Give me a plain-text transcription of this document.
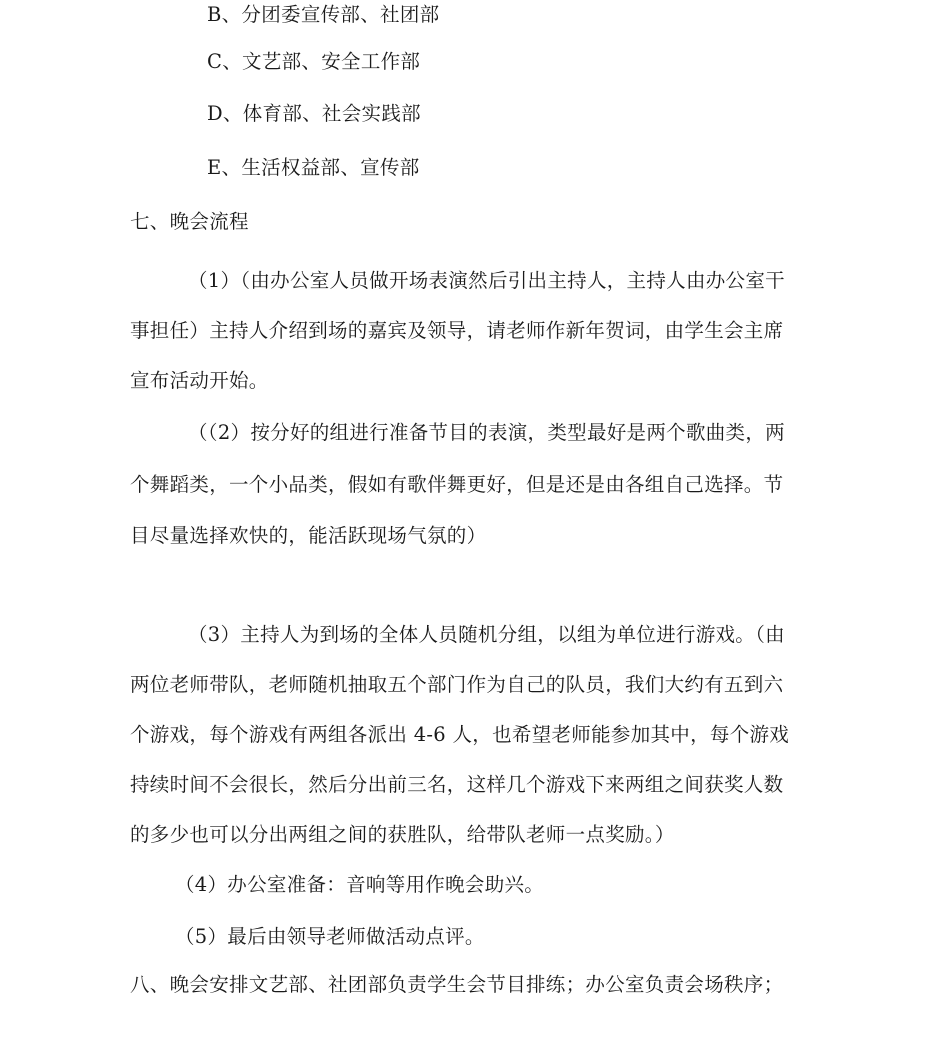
B、分团委宣传部、社团部
C、文艺部、安全工作部
D、体育部、社会实践部
E、生活权益部、宣传部
七、晚会流程
（1）（由办公室人员做开场表演然后引出主持人，主持人由办公室干
事担任）主持人介绍到场的嘉宾及领导，请老师作新年贺词，由学生会主席
宣布活动开始。
（（2）按分好的组进行准备节目的表演，类型最好是两个歌曲类，两
个舞蹈类，一个小品类，假如有歌伴舞更好，但是还是由各组自己选择。节
目尽量选择欢快的，能活跃现场气氛的）
（3）主持人为到场的全体人员随机分组，以组为单位进行游戏。（由
两位老师带队，老师随机抽取五个部门作为自己的队员，我们大约有五到六
个游戏，每个游戏有两组各派出 4-6 人，也希望老师能参加其中，每个游戏
持续时间不会很长，然后分出前三名，这样几个游戏下来两组之间获奖人数
的多少也可以分出两组之间的获胜队，给带队老师一点奖励。）
（4）办公室准备：音响等用作晚会助兴。
（5）最后由领导老师做活动点评。
八、晚会安排文艺部、社团部负责学生会节目排练；办公室负责会场秩序；
